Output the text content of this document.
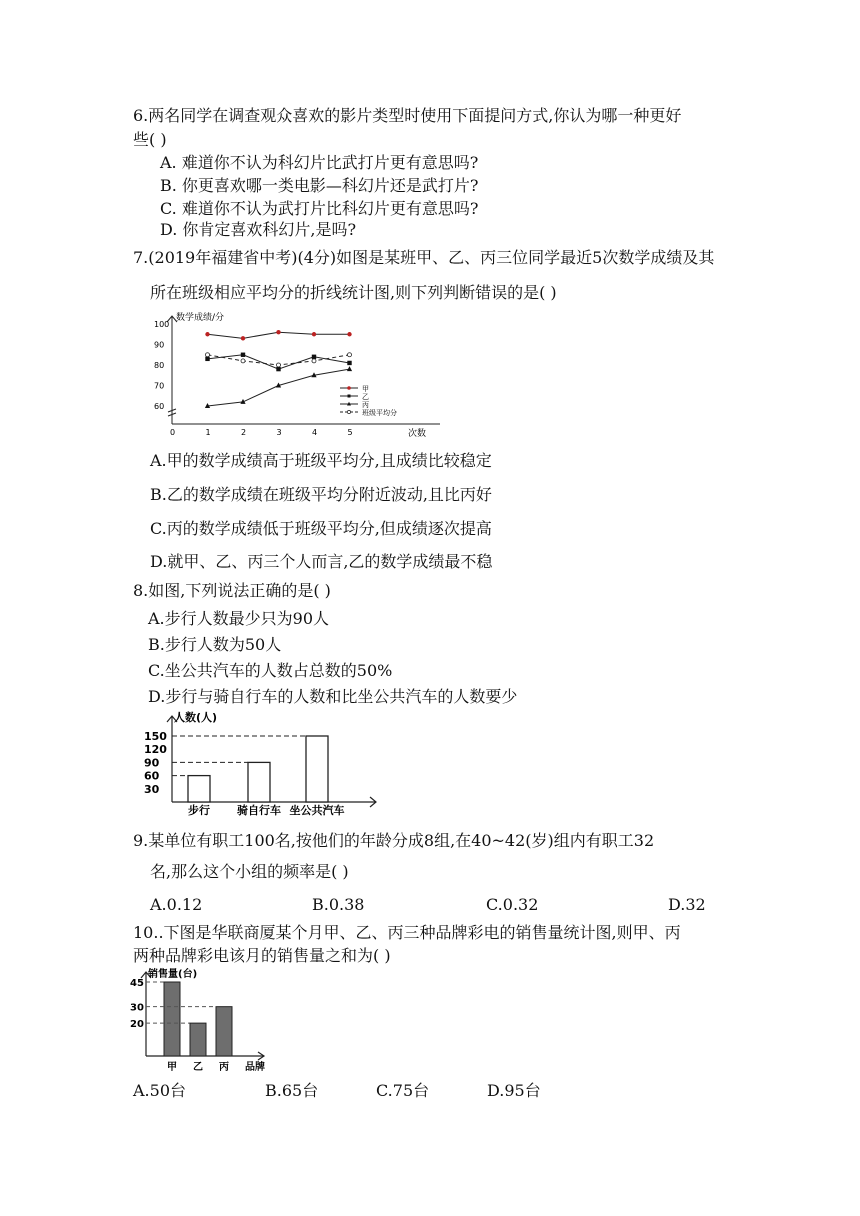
6.两名同学在调查观众喜欢的影片类型时使用下面提问方式,你认为哪一种更好
些( )
A. 难道你不认为科幻片比武打片更有意思吗?
B. 你更喜欢哪一类电影—科幻片还是武打片?
C. 难道你不认为武打片比科幻片更有意思吗?
D. 你肯定喜欢科幻片,是吗?
7.(2019年福建省中考)(4分)如图是某班甲、乙、丙三位同学最近5次数学成绩及其
所在班级相应平均分的折线统计图,则下列判断错误的是( )
数学成绩/分
次数
60
70
80
90
100
0	1	2	3	4	5
甲
乙
丙
班级平均分
A.甲的数学成绩高于班级平均分,且成绩比较稳定
B.乙的数学成绩在班级平均分附近波动,且比丙好
C.丙的数学成绩低于班级平均分,但成绩逐次提高
D.就甲、乙、丙三个人而言,乙的数学成绩最不稳
8.如图,下列说法正确的是( )
A.步行人数最少只为90人
B.步行人数为50人
C.坐公共汽车的人数占总数的50%
D.步行与骑自行车的人数和比坐公共汽车的人数要少
人数(人)
30
60
90
120
150
步行 骑自行车 坐公共汽车
9.某单位有职工100名,按他们的年龄分成8组,在40~42(岁)组内有职工32
名,那么这个小组的频率是( )
A.0.12	B.0.38	C.0.32	D.32
10..下图是华联商厦某个月甲、乙、丙三种品牌彩电的销售量统计图,则甲、丙
两种品牌彩电该月的销售量之和为( )
销售量(台)
品牌
20
30
45
甲 乙 丙
A.50台	B.65台	C.75台	D.95台
